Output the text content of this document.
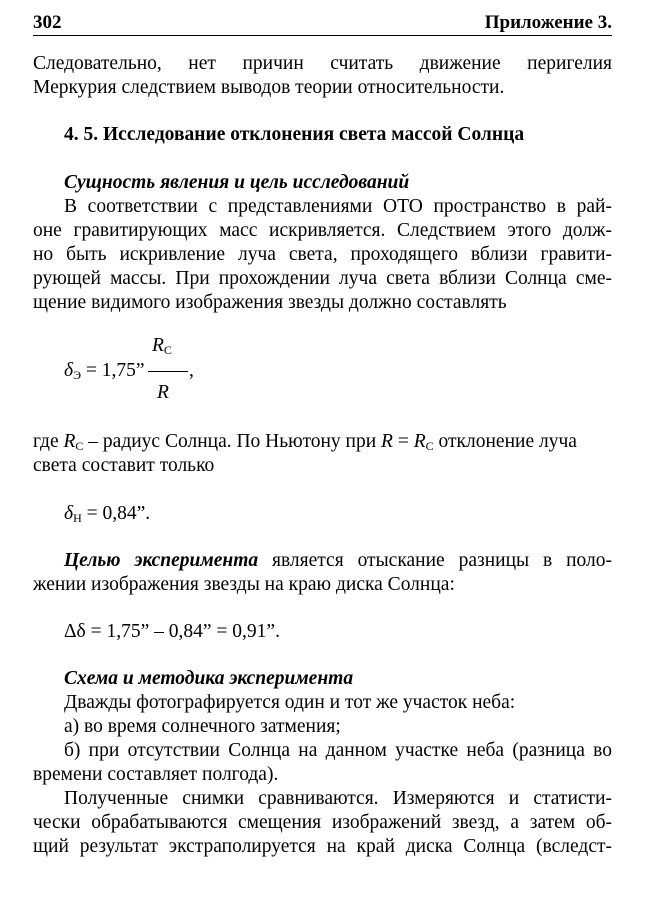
302	Приложение 3.
Следовательно, нет причин считать движение перигелия
Меркурия следствием выводов теории относительности.
4. 5. Исследование отклонения света массой Солнца
Сущность явления и цель исследований
В соответствии с представлениями ОТО пространство в рай-
оне гравитирующих масс искривляется. Следствием этого долж-
но быть искривление луча света, проходящего вблизи гравити-
рующей массы. При прохождении луча света вблизи Солнца сме-
щение видимого изображения звезды должно составлять
$R_С$
$\delta_Э = 1,75$” ,
R
где $R_С$ – радиус Солнца. По Ньютону при $R = R_С$ отклонение луча
света составит только
$\delta_Н = 0,84$”.
Целью эксперимента является отыскание разницы в поло-
жении изображения звезды на краю диска Солнца:
Δδ = 1,75” – 0,84” = 0,91”.
Схема и методика эксперимента
Дважды фотографируется один и тот же участок неба:
а) во время солнечного затмения;
б) при отсутствии Солнца на данном участке неба (разница во
времени составляет полгода).
Полученные снимки сравниваются. Измеряются и статисти-
чески обрабатываются смещения изображений звезд, а затем об-
щий результат экстраполируется на край диска Солнца (вследст-
